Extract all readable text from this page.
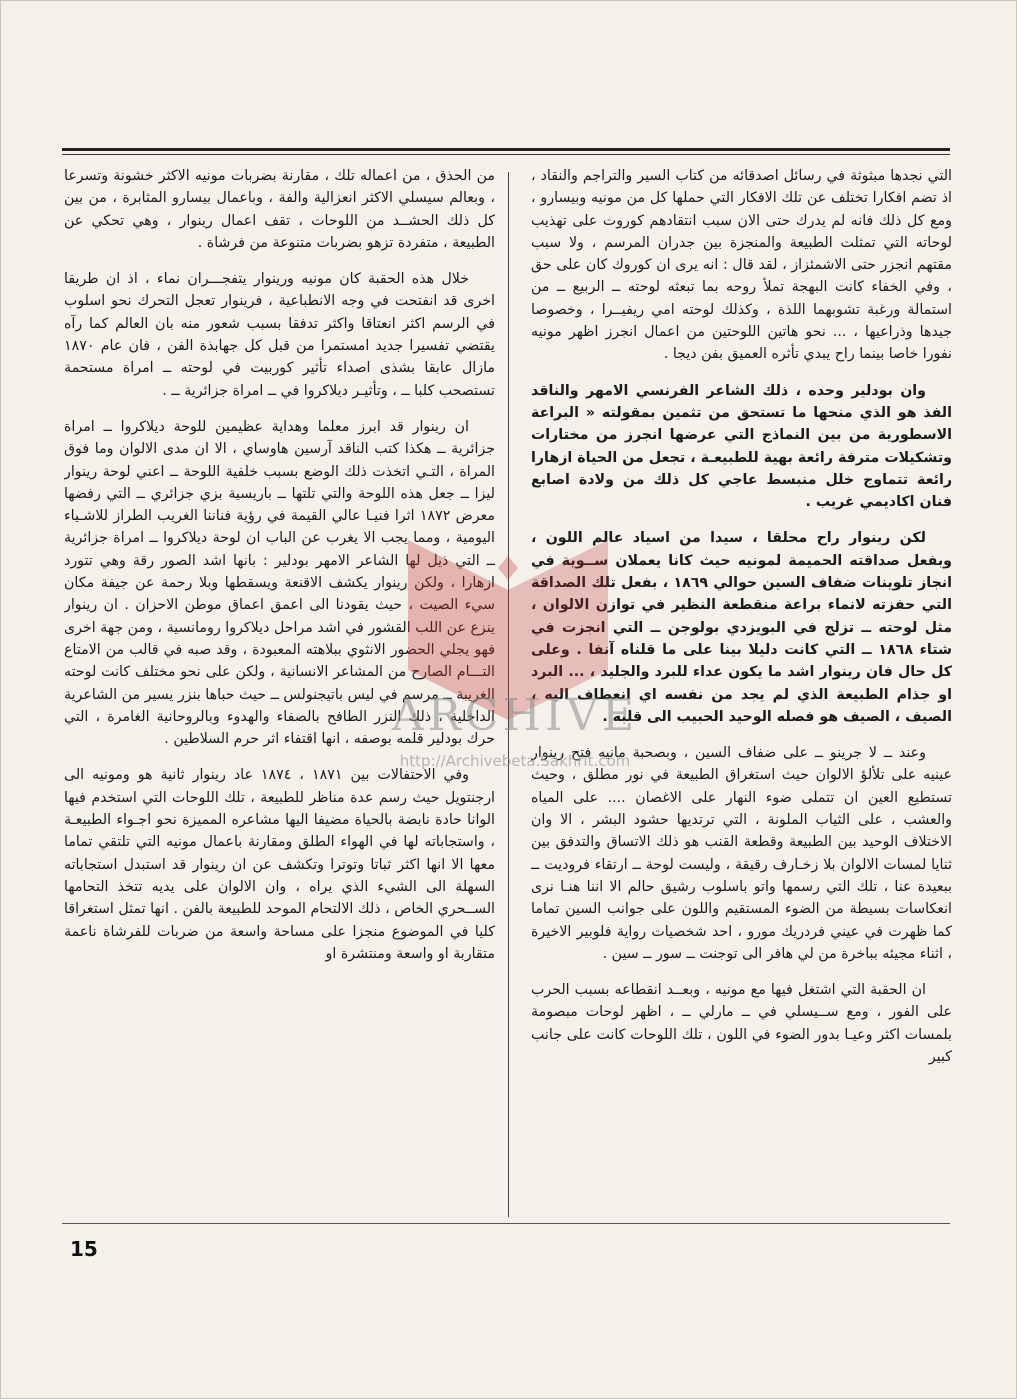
التي نجدها مبثوثة في رسائل اصدقائه من كتاب السير والتراجم والنقاد ، اذ تضم افكارا تختلف عن تلك الافكار التي حملها كل من مونيه وبيسارو ، ومع كل ذلك فانه لم يدرك حتى الان سبب انتقادهم كوروت على تهذيب لوحاته التي تمثلت الطبيعة والمنجزة بين جدران المرسم ، ولا سبب مقتهم انجزر حتى الاشمئزاز ، لقد قال : انه يرى ان كوروك كان على حق ، وفي الخفاء كانت البهجة تملأ روحه بما تبعثه لوحته ــ الربيع ــ من استمالة ورغبة تشوبهما اللذة ، وكذلك لوحته امي ريفيــرا ، وخصوصا جيدها وذراعيها ، ... نحو هاتين اللوحتين من اعمال انجرز اظهر مونيه نفورا خاصا بينما راح يبدي تأثره العميق بفن ديجا .

وان بودلير وحده ، ذلك الشاعر الفرنسي الامهر والناقد الفذ هو الذي منحها ما تستحق من تثمين بمقولته « البراعة الاسطورية من بين النماذج التي عرضها انجرز من مختارات وتشكيلات مترفة رائعة بهية للطبيعـة ، تجعل من الحياة ازهارا رائعة تتماوج خلل منبسط عاجي كل ذلك من ولادة اصابع فنان اكاديمي غريب .

لكن رينوار راح محلقا ، سيدا من اسياد عالم اللون ، وبفعل صداقته الحميمة لمونيه حيث كانا يعملان ســوية في انجاز تلوينات ضفاف السين حوالي ١٨٦٩ ، بفعل تلك الصداقة التي حفزته لانماء براعة منقطعة النظير في توازن الالوان ، مثل لوحته ــ تزلج في البويزدي بولوجن ــ التي انجزت في شتاء ١٨٦٨ ــ التي كانت دليلا بينا على ما قلناه آنفا . وعلى كل حال فان رينوار اشد ما يكون عداء للبرد والجليد ، ... البرد او جذام الطبيعة الذي لم يجد من نفسه اي انعطاف اليه ، الصيف ، الصيف هو فصله الوحيد الحبيب الى قلبه .

وعند ــ لا جرينو ــ على ضفاف السين ، وبصحبة مانيه فتح رينوار عينيه على تلألؤ الالوان حيث استغراق الطبيعة في نور مطلق ، وحيث تستطيع العين ان تتملى ضوء النهار على الاغصان .... على المياه والعشب ، على الثياب الملونة ، التي ترتديها حشود البشر ، الا وان الاختلاف الوحيد بين الطبيعة وقطعة القنب هو ذلك الاتساق والتدفق بين ثنايا لمسات الالوان بلا زخـارف رقيقة ، وليست لوحة ــ ارتقاء فروديت ــ ببعيدة عنا ، تلك التي رسمها واتو باسلوب رشيق حالم الا اننا هنـا نرى انعكاسات بسيطة من الضوء المستقيم واللون على جوانب السين تماما كما ظهرت في عيني فردريك مورو ، احد شخصيات رواية فلوبير الاخيرة ، اثناء مجيئه بباخرة من لي هافر الى توجنت ــ سور ــ سين .

ان الحقبة التي اشتغل فيها مع مونيه ، وبعــد انقطاعه بسبب الحرب على الفور ، ومع ســيسلي في ــ مارلي ــ ، اظهر لوحات مبصومة بلمسات اكثر وعيـا بدور الضوء في اللون ، تلك اللوحات كانت على جانب كبير

من الحذق ، من اعماله تلك ، مقارنة بضربات مونيه الاكثر خشونة وتسرعا ، وبعالم سيسلي الاكثر انعزالية والفة ، وباعمال بيسارو المثابرة ، من بين كل ذلك الحشــد من اللوحات ، تقف اعمال رينوار ، وهي تحكي عن الطبيعة ، متفردة تزهو بضربات متنوعة من فرشاة .

خلال هذه الحقبة كان مونيه ورينوار يتفجـــران نماء ، اذ ان طريقا اخرى قد انفتحت في وجه الانطباعية ، فرينوار تعجل التحرك نحو اسلوب في الرسم اكثر انعتاقا واكثر تدفقا بسبب شعور منه بان العالم كما رآه يقتضي تفسيرا جديد امستمرا من قبل كل جهابذة الفن ، فان عام ١٨٧٠ مازال عابقا بشذى اصداء تأثير كوربيت في لوحته ــ امراة مستحمة تستصحب كلبا ــ ، وتأثيـر ديلاكروا في ــ امراة جزائرية ــ .

ان رينوار قد ابرز معلما وهداية عظيمين للوحة ديلاكروا ــ امراة جزائرية ــ هكذا كتب الناقد آرسين هاوساي ، الا ان مدى الالوان وما فوق المراة ، التـي اتخذت ذلك الوضع بسبب خلفية اللوحة ــ اعني لوحة رينوار ليزا ــ جعل هذه اللوحة والتي تلتها ــ باريسية بزي جزائري ــ التي رفضها معرض ١٨٧٢ اثرا فنيـا عالي القيمة في رؤية فناننا الغريب الطراز للاشـياء اليومية ، ومما يجب الا يغرب عن الباب ان لوحة ديلاكروا ــ امراة جزائرية ــ التي ذيل لها الشاعر الامهر بودلير : بانها اشد الصور رقة وهي تتورد ازهارا ، ولكن رينوار يكشف الاقنعة ويسقطها وبلا رحمة عن جيفة مكان سيء الصيت ، حيث يقودنا الى اعمق اعماق موطن الاحزان . ان رينوار ينزع عن اللب القشور في اشد مراحل ديلاكروا رومانسية ، ومن جهة اخرى فهو يجلي الحضور الانثوي ببلاهته المعبودة ، وقد صبه في قالب من الامتاع التـــام الصارح من المشاعر الانسانية ، ولكن على نحو مختلف كانت لوحته الغريبة ــ مرسم في ليس باتيجنولس ــ حيث حباها بنزر يسير من الشاعرية الداخلية ، ذلك النزر الطافح بالصفاء والهدوء وبالروحانية الغامرة ، التي حرك بودلير قلمه بوصفه ، انها اقتفاء اثر حرم السلاطين .

وفي الاحتفالات بين ١٨٧١ ، ١٨٧٤ عاد رينوار ثانية هو ومونيه الى ارجنتويل حيث رسم عدة مناظر للطبيعة ، تلك اللوحات التي استخدم فيها الوانا حادة نابضة بالحياة مضيفا اليها مشاعره المميزة نحو اجـواء الطبيعـة ، واستجاباته لها في الهواء الطلق ومقارنة باعمال مونيه التي تلتقي تماما معها الا انها اكثر ثباتا وتوترا وتكشف عن ان رينوار قد استبدل استجاباته السهلة الى الشيء الذي يراه ، وان الالوان على يديه تتخذ التحامها الســحري الخاص ، ذلك الالتحام الموحد للطبيعة بالفن . انها تمثل استغراقا كليا في الموضوع منجزا على مساحة واسعة من ضربات للفرشاة ناعمة متقاربة او واسعة ومنتشرة او

15
ARCHIVE
http://Archivebeta.Sakhrit.com
